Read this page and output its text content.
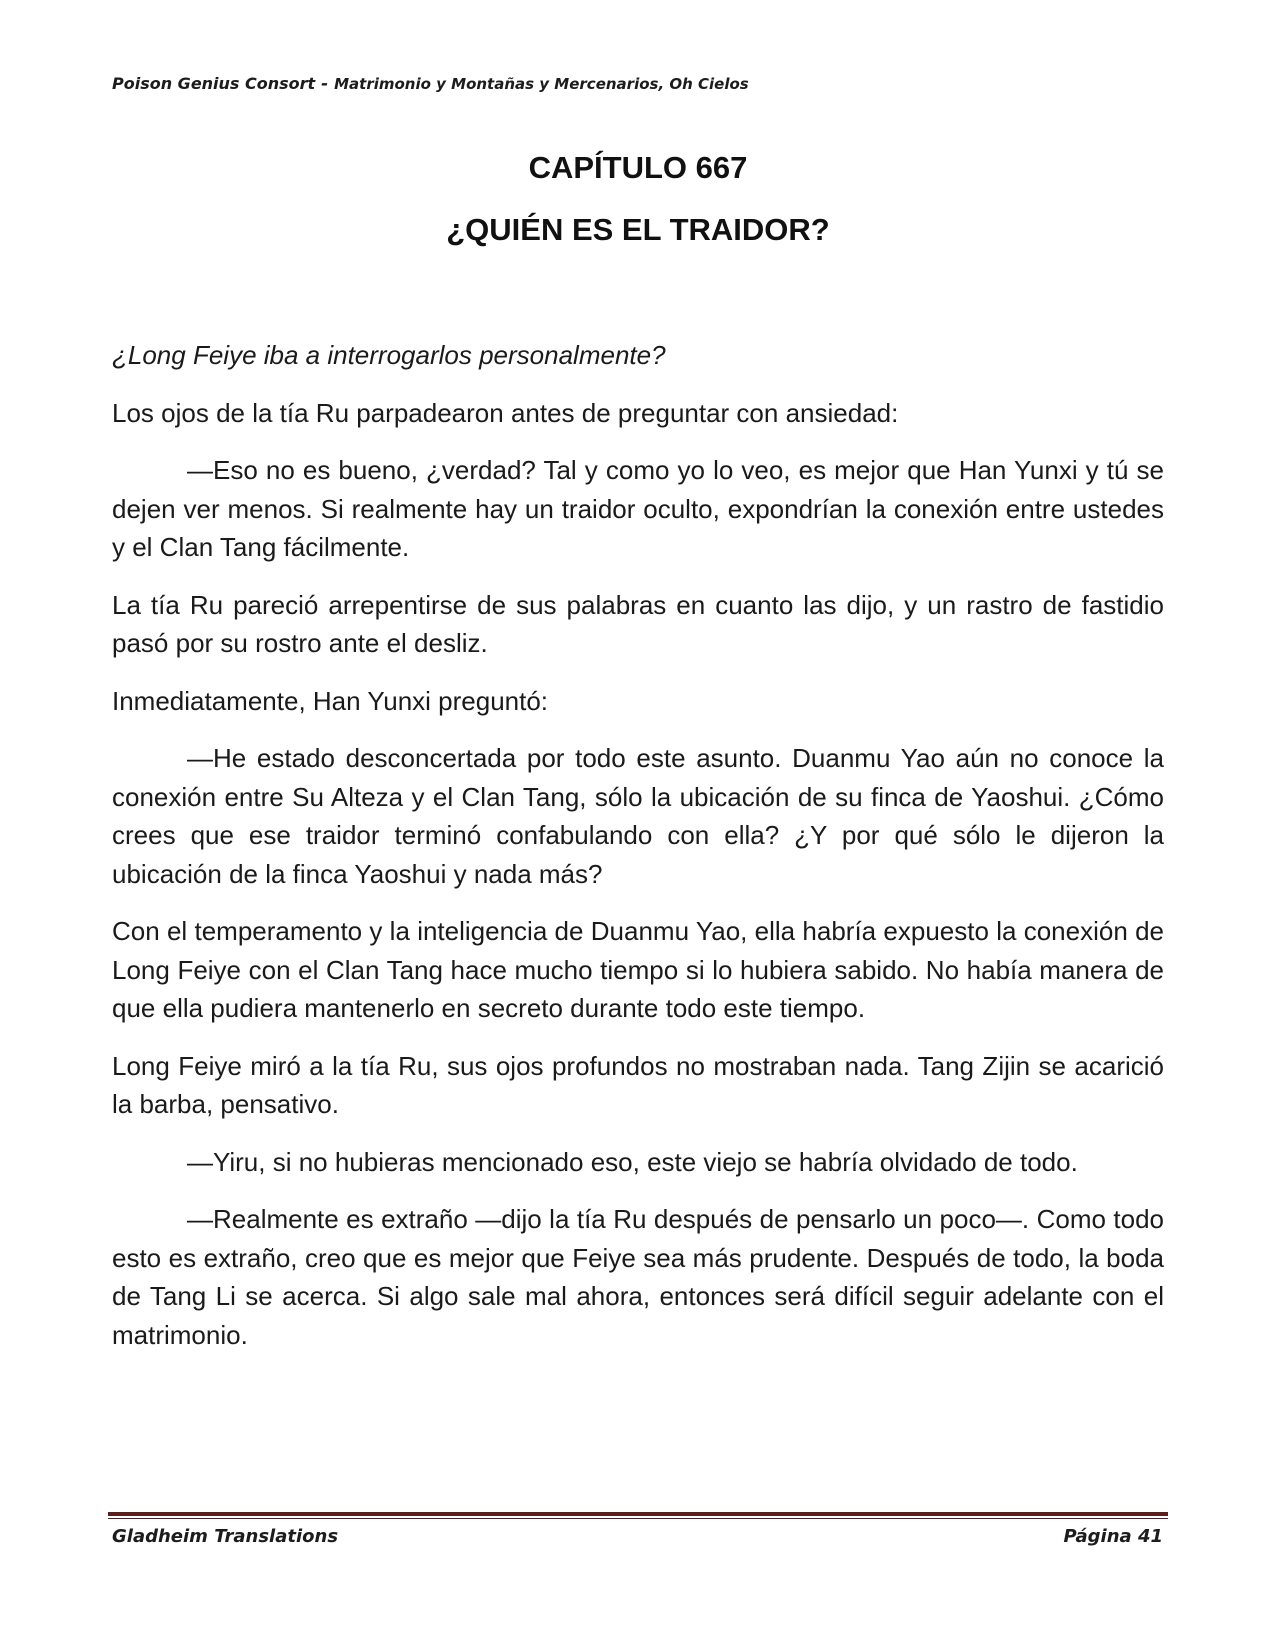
Poison Genius Consort - Matrimonio y Montañas y Mercenarios, Oh Cielos
CAPÍTULO 667
¿QUIÉN ES EL TRAIDOR?

¿Long Feiye iba a interrogarlos personalmente?

Los ojos de la tía Ru parpadearon antes de preguntar con ansiedad:

—Eso no es bueno, ¿verdad? Tal y como yo lo veo, es mejor que Han Yunxi y tú se dejen ver menos. Si realmente hay un traidor oculto, expondrían la conexión entre ustedes y el Clan Tang fácilmente.

La tía Ru pareció arrepentirse de sus palabras en cuanto las dijo, y un rastro de fastidio pasó por su rostro ante el desliz.

Inmediatamente, Han Yunxi preguntó:

—He estado desconcertada por todo este asunto. Duanmu Yao aún no conoce la conexión entre Su Alteza y el Clan Tang, sólo la ubicación de su finca de Yaoshui. ¿Cómo crees que ese traidor terminó confabulando con ella? ¿Y por qué sólo le dijeron la ubicación de la finca Yaoshui y nada más?

Con el temperamento y la inteligencia de Duanmu Yao, ella habría expuesto la conexión de Long Feiye con el Clan Tang hace mucho tiempo si lo hubiera sabido. No había manera de que ella pudiera mantenerlo en secreto durante todo este tiempo.

Long Feiye miró a la tía Ru, sus ojos profundos no mostraban nada. Tang Zijin se acarició la barba, pensativo.

—Yiru, si no hubieras mencionado eso, este viejo se habría olvidado de todo.

—Realmente es extraño —dijo la tía Ru después de pensarlo un poco—. Como todo esto es extraño, creo que es mejor que Feiye sea más prudente. Después de todo, la boda de Tang Li se acerca. Si algo sale mal ahora, entonces será difícil seguir adelante con el matrimonio.

Gladheim Translations	Página 41
